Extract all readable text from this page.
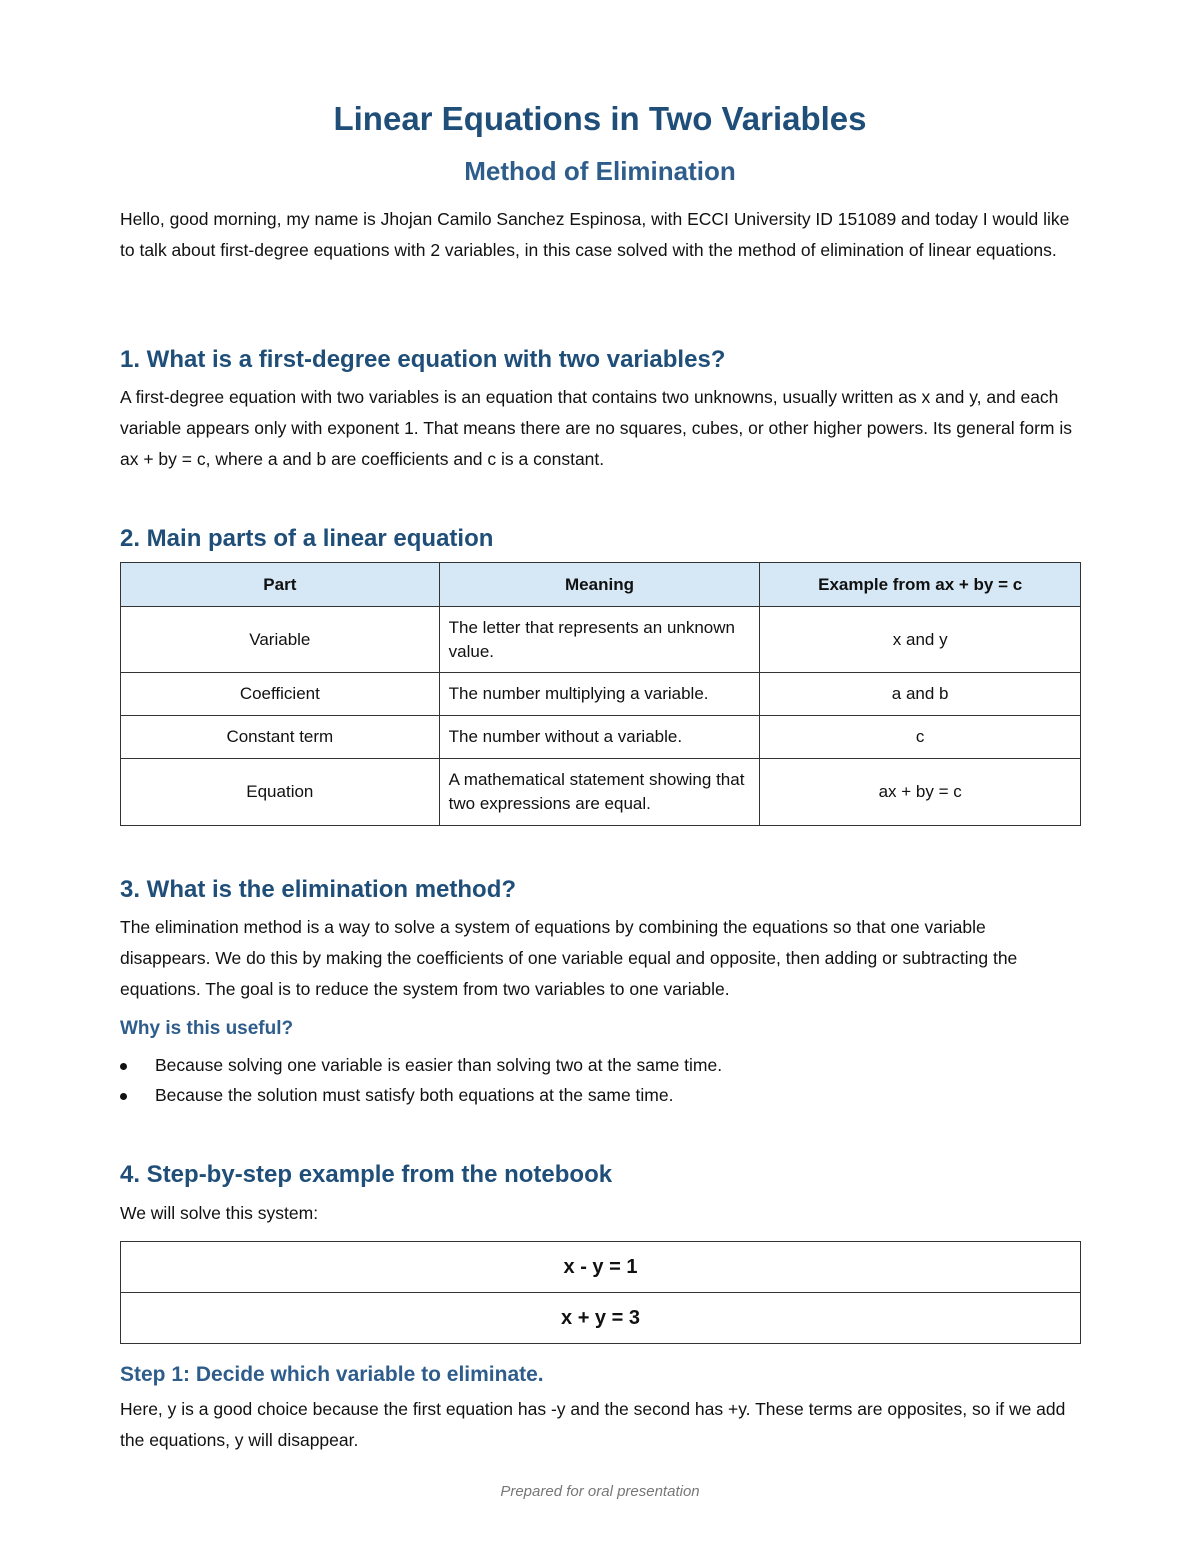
Linear Equations in Two Variables
Method of Elimination

Hello, good morning, my name is Jhojan Camilo Sanchez Espinosa, with ECCI University ID 151089 and today I would like to talk about first-degree equations with 2 variables, in this case solved with the method of elimination of linear equations.

1. What is a first-degree equation with two variables?

A first-degree equation with two variables is an equation that contains two unknowns, usually written as x and y, and each variable appears only with exponent 1. That means there are no squares, cubes, or other higher powers. Its general form is ax + by = c, where a and b are coefficients and c is a constant.

2. Main parts of a linear equation
Part	Meaning	Example from ax + by = c
Variable	The letter that represents an unknown value.	x and y
Coefficient	The number multiplying a variable.	a and b
Constant term	The number without a variable.	c
Equation	A mathematical statement showing that two expressions are equal.	ax + by = c
3. What is the elimination method?

The elimination method is a way to solve a system of equations by combining the equations so that one variable disappears. We do this by making the coefficients of one variable equal and opposite, then adding or subtracting the equations. The goal is to reduce the system from two variables to one variable.

Why is this useful?
Because solving one variable is easier than solving two at the same time.
Because the solution must satisfy both equations at the same time.
4. Step-by-step example from the notebook

We will solve this system:

x - y = 1
x + y = 3
Step 1: Decide which variable to eliminate.

Here, y is a good choice because the first equation has -y and the second has +y. These terms are opposites, so if we add the equations, y will disappear.

Prepared for oral presentation
